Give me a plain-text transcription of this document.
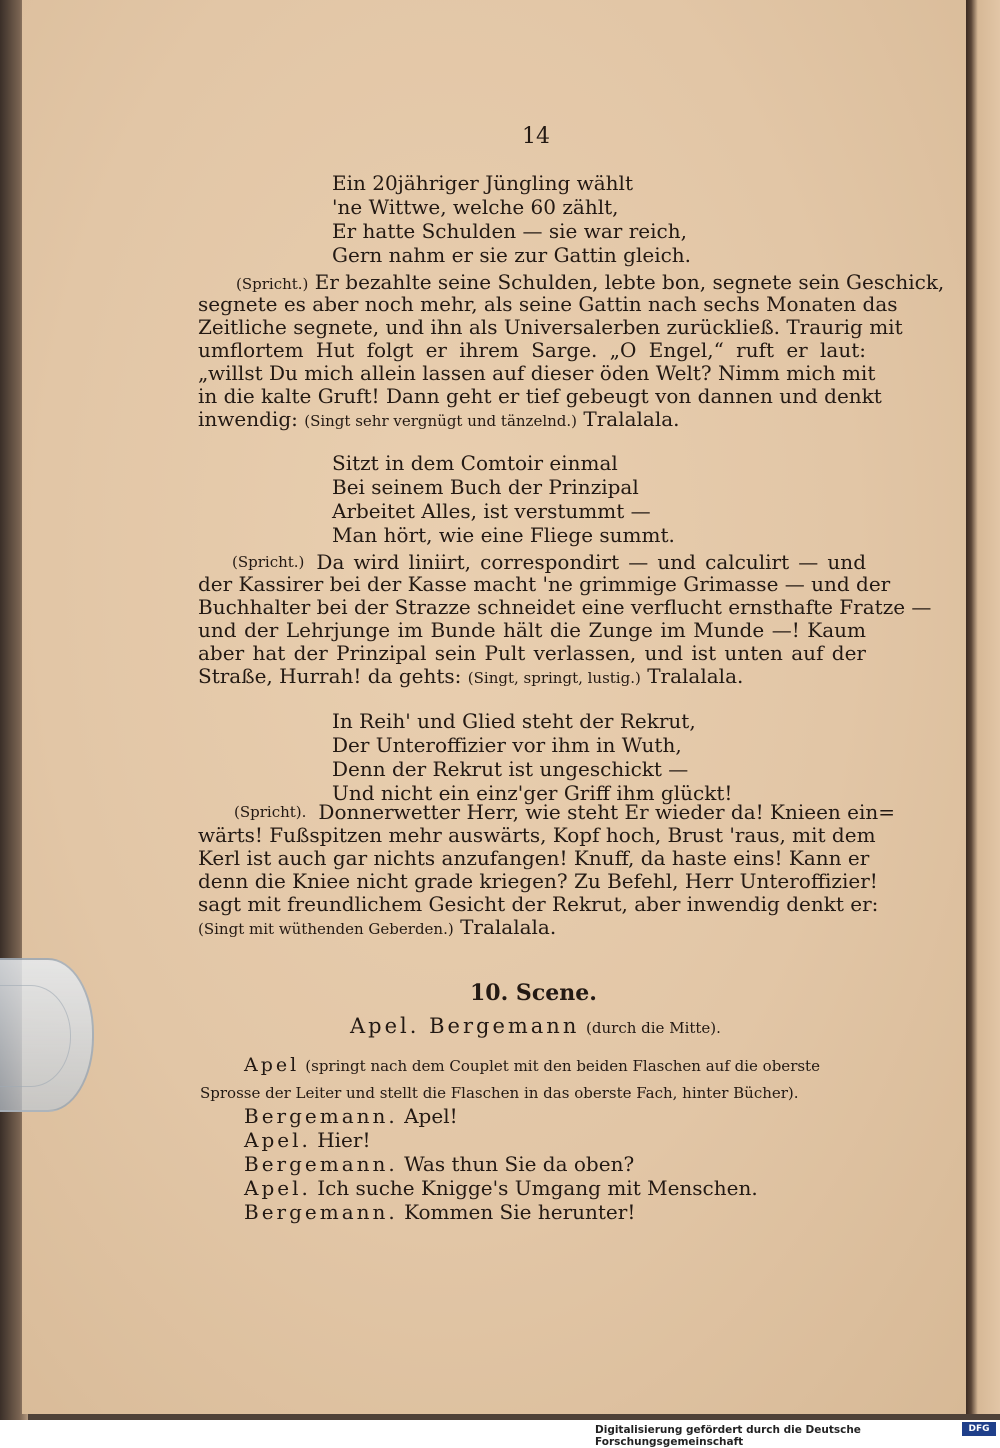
14
Ein 20jähriger Jüngling wählt
'ne Wittwe, welche 60 zählt,
Er hatte Schulden — sie war reich,
Gern nahm er sie zur Gattin gleich.
(Spricht.) Er bezahlte seine Schulden, lebte bon, segnete sein Geschick,
segnete es aber noch mehr, als seine Gattin nach sechs Monaten das
Zeitliche segnete, und ihn als Universalerben zurückließ. Traurig mit
umflortem Hut folgt er ihrem Sarge. „O Engel,“ ruft er laut:
„willst Du mich allein lassen auf dieser öden Welt? Nimm mich mit
in die kalte Gruft! Dann geht er tief gebeugt von dannen und denkt
inwendig: (Singt sehr vergnügt und tänzelnd.) Tralalala.
Sitzt in dem Comtoir einmal
Bei seinem Buch der Prinzipal
Arbeitet Alles, ist verstummt —
Man hört, wie eine Fliege summt.
(Spricht.) Da wird liniirt, correspondirt — und calculirt — und
der Kassirer bei der Kasse macht 'ne grimmige Grimasse — und der
Buchhalter bei der Strazze schneidet eine verflucht ernsthafte Fratze —
und der Lehrjunge im Bunde hält die Zunge im Munde —! Kaum
aber hat der Prinzipal sein Pult verlassen, und ist unten auf der
Straße, Hurrah! da gehts: (Singt, springt, lustig.) Tralalala.
In Reih' und Glied steht der Rekrut,
Der Unteroffizier vor ihm in Wuth,
Denn der Rekrut ist ungeschickt —
Und nicht ein einz'ger Griff ihm glückt!
(Spricht). Donnerwetter Herr, wie steht Er wieder da! Knieen ein=
wärts! Fußspitzen mehr auswärts, Kopf hoch, Brust 'raus, mit dem
Kerl ist auch gar nichts anzufangen! Knuff, da haste eins! Kann er
denn die Kniee nicht grade kriegen? Zu Befehl, Herr Unteroffizier!
sagt mit freundlichem Gesicht der Rekrut, aber inwendig denkt er:
(Singt mit wüthenden Geberden.) Tralalala.
10. Scene.
Apel. Bergemann (durch die Mitte).
Apel (springt nach dem Couplet mit den beiden Flaschen auf die oberste
Sprosse der Leiter und stellt die Flaschen in das oberste Fach, hinter Bücher).
Bergemann. Apel!
Apel. Hier!
Bergemann. Was thun Sie da oben?
Apel. Ich suche Knigge's Umgang mit Menschen.
Bergemann. Kommen Sie herunter!
Digitalisierung gefördert durch die Deutsche Forschungsgemeinschaft
DFG
